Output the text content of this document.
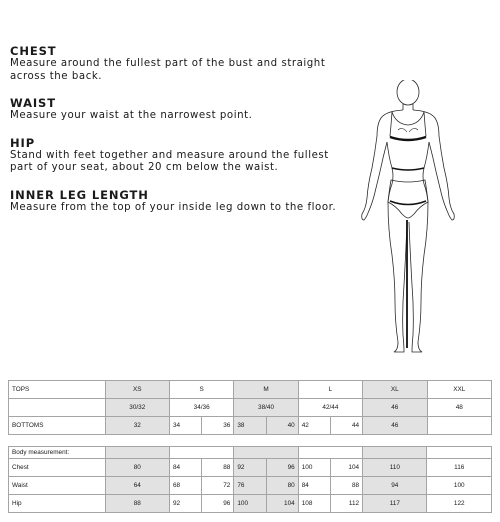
CHEST
Measure around the fullest part of the bust and straight across the back.
WAIST
Measure your waist at the narrowest point.
HIP
Stand with feet together and measure around the fullest part of your seat, about 20 cm below the waist.
INNER LEG LENGTH
Measure from the top of your inside leg down to the floor.
TOPS	XS	S		M		L		XL	XXL
	30/32	34/36		38/40		42/44		46	48
BOTTOMS	32	34	36	38	40	42	44	46	
Body measurement:									
Chest	80	84	88	92	96	100	104	110	116
Waist	64	68	72	76	80	84	88	94	100
Hip	88	92	96	100	104	108	112	117	122
